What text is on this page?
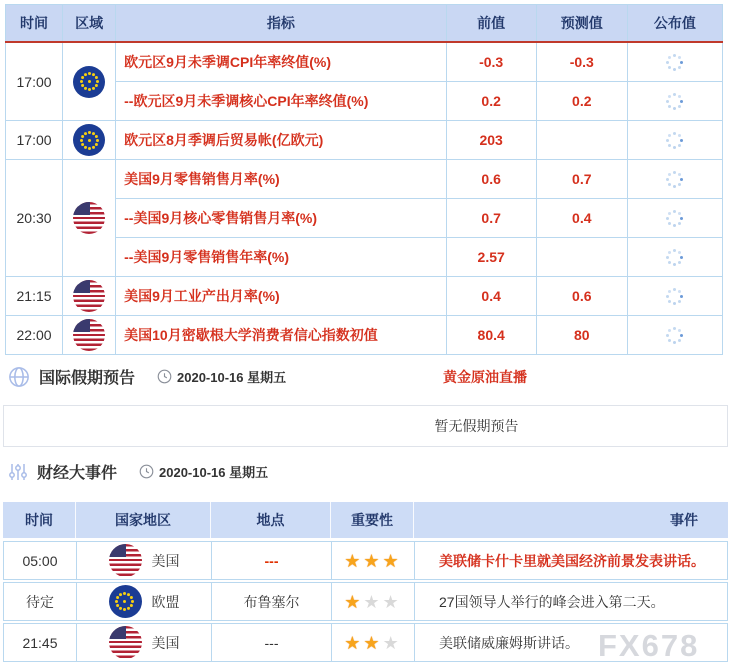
时间	区域	指标	前值	预测值	公布值
17:00		欧元区9月未季调CPI年率终值(%)	-0.3	-0.3	
		--欧元区9月未季调核心CPI年率终值(%)	0.2	0.2	
17:00		欧元区8月季调后贸易帐(亿欧元)	203		
20:30		美国9月零售销售月率(%)	0.6	0.7	
		--美国9月核心零售销售月率(%)	0.7	0.4	
		--美国9月零售销售年率(%)	2.57		
21:15		美国9月工业产出月率(%)	0.4	0.6	
22:00		美国10月密歇根大学消费者信心指数初值	80.4	80	
国际假期预告	2020-10-16 星期五	黄金原油直播
暂无假期预告
财经大事件	2020-10-16 星期五
时间	国家地区	地点	重要性	事件
05:00	美国	---	★★★	美联储卡什卡里就美国经济前景发表讲话。
待定	欧盟	布鲁塞尔	★ ★★	27国领导人举行的峰会进入第二天。
21:45	美国	---	★★ ★	美联储威廉姆斯讲话。 FX678
